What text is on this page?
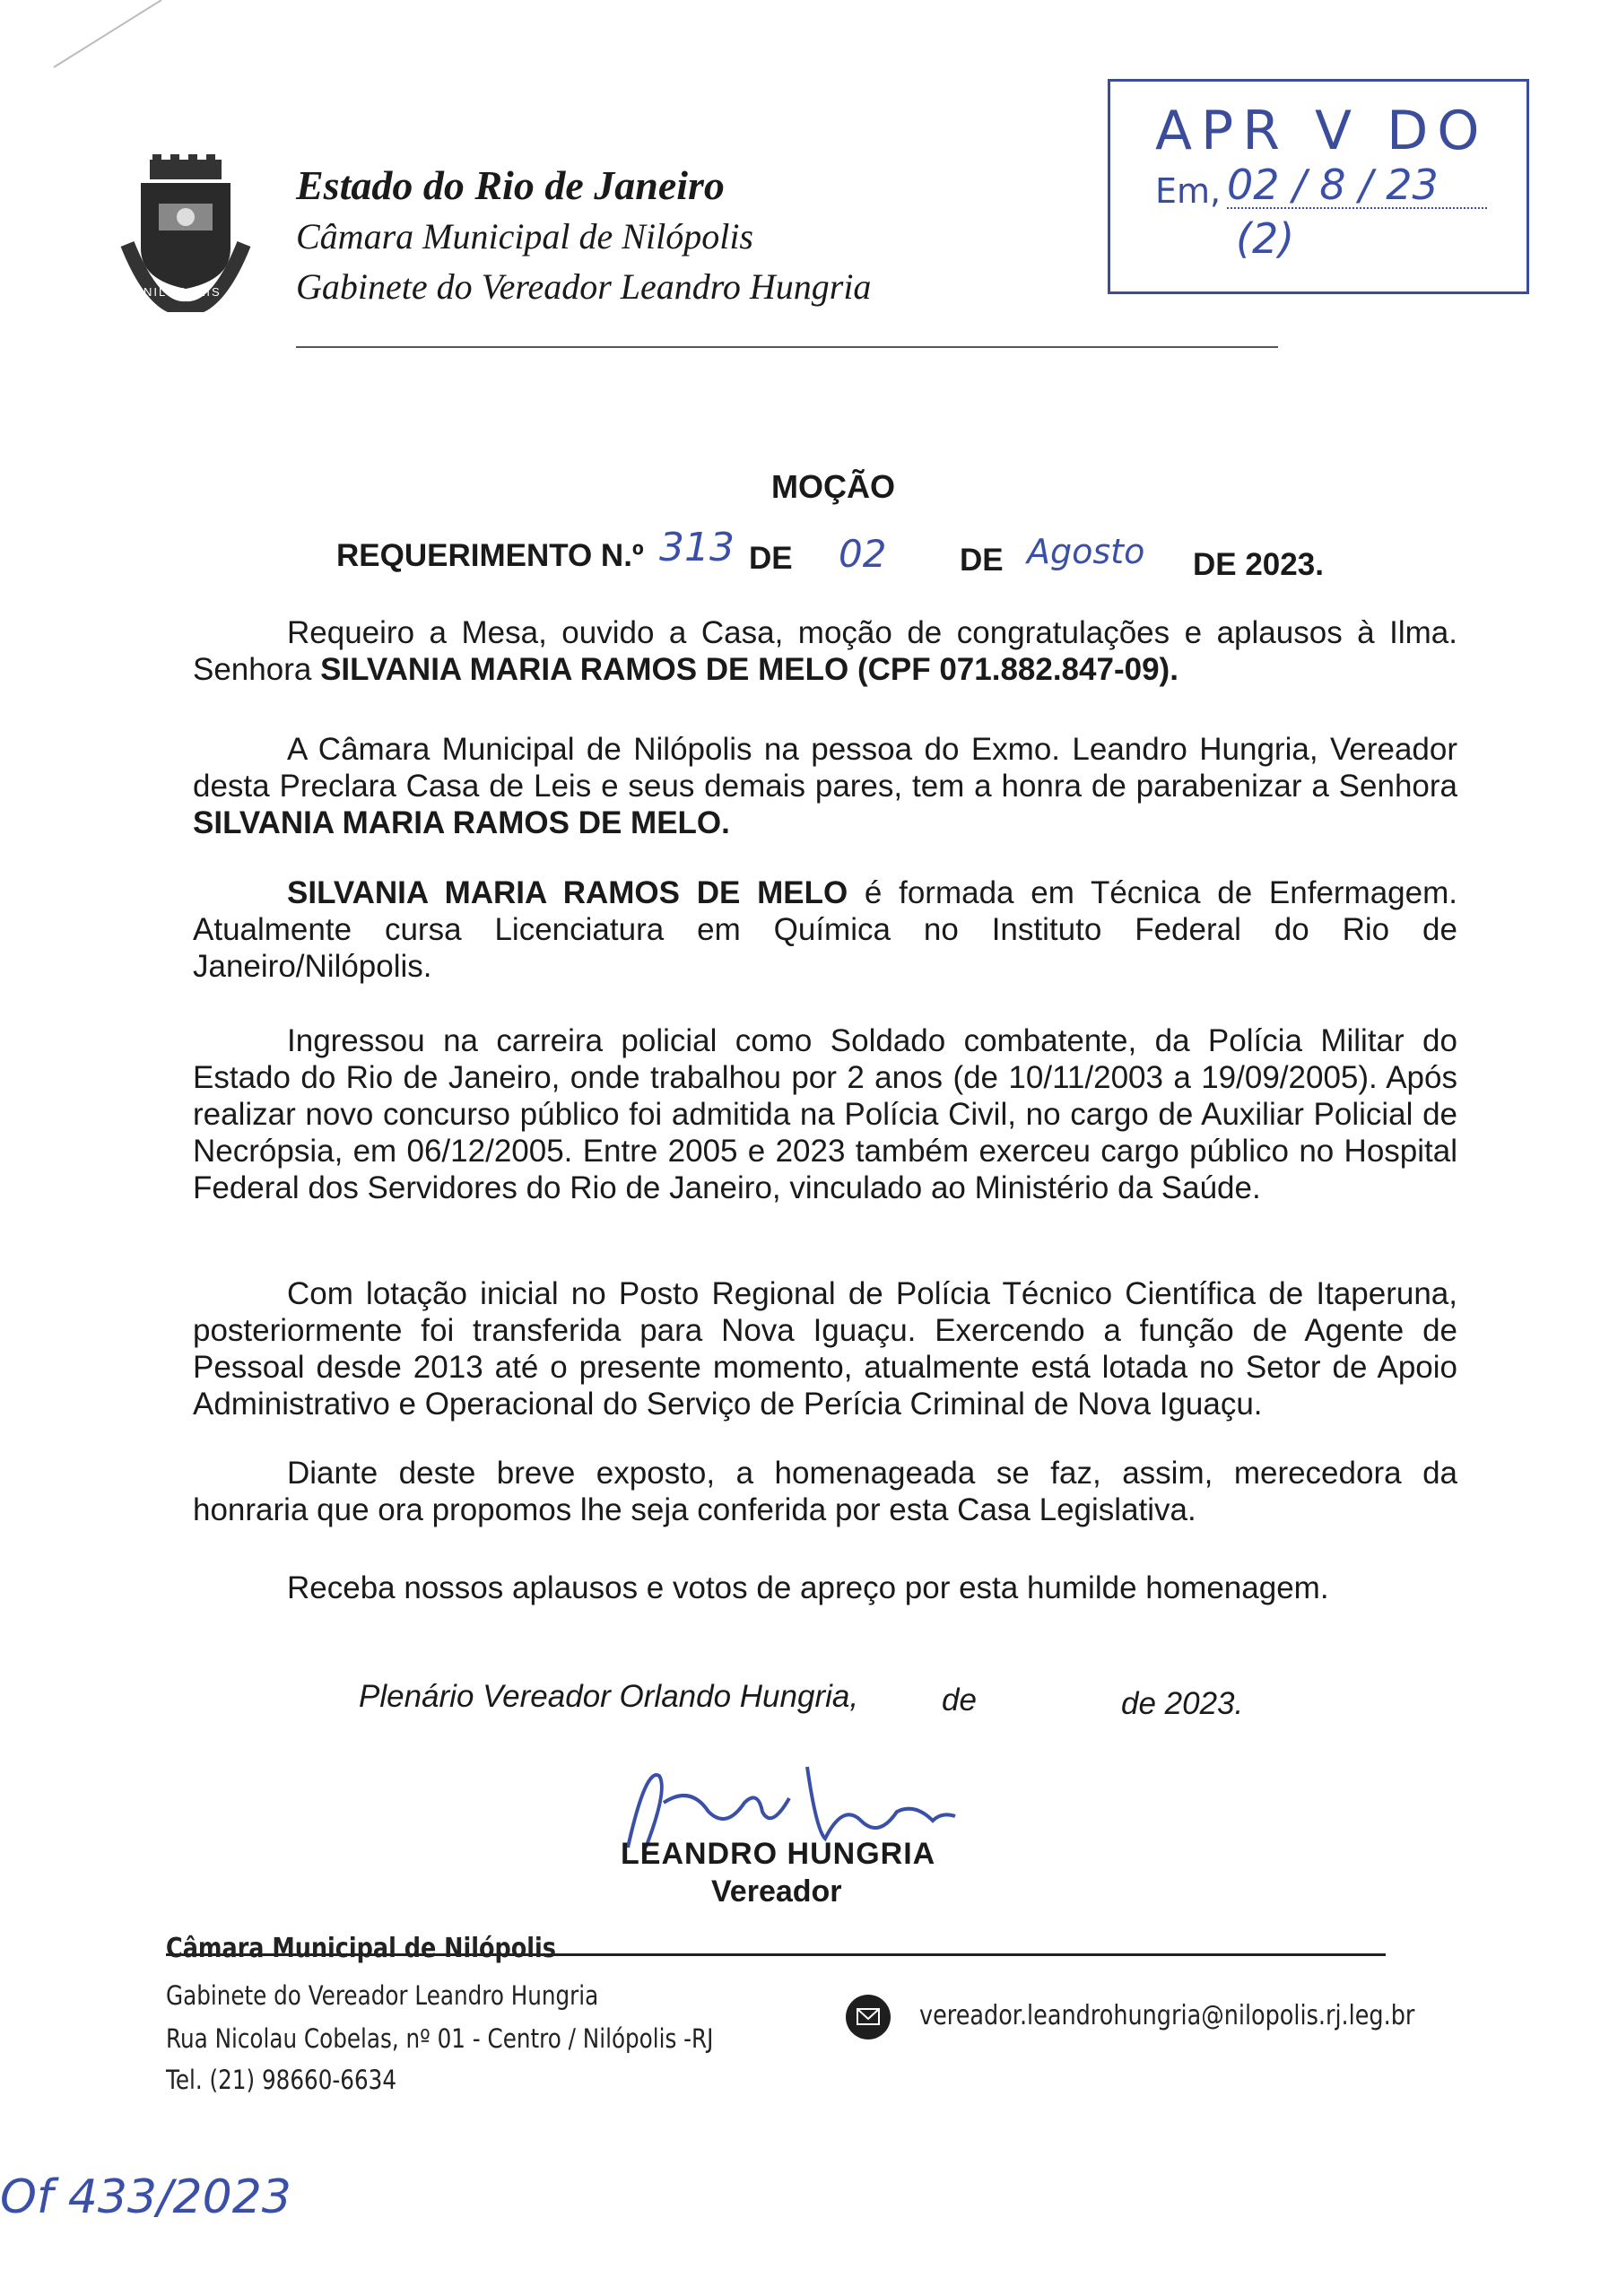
NILÓPOLIS
Estado do Rio de Janeiro
Câmara Municipal de Nilópolis
Gabinete do Vereador Leandro Hungria
APR V DO
Em, 02 / 8 / 23
(2)
MOÇÃO
REQUERIMENTO N.º 313 DE 02 DE Agosto DE 2023.
Requeiro a Mesa, ouvido a Casa, moção de congratulações e aplausos à Ilma. Senhora SILVANIA MARIA RAMOS DE MELO (CPF 071.882.847-09).
A Câmara Municipal de Nilópolis na pessoa do Exmo. Leandro Hungria, Vereador desta Preclara Casa de Leis e seus demais pares, tem a honra de parabenizar a Senhora SILVANIA MARIA RAMOS DE MELO.
SILVANIA MARIA RAMOS DE MELO é formada em Técnica de Enfermagem. Atualmente cursa Licenciatura em Química no Instituto Federal do Rio de Janeiro/Nilópolis.
Ingressou na carreira policial como Soldado combatente, da Polícia Militar do Estado do Rio de Janeiro, onde trabalhou por 2 anos (de 10/11/2003 a 19/09/2005). Após realizar novo concurso público foi admitida na Polícia Civil, no cargo de Auxiliar Policial de Necrópsia, em 06/12/2005. Entre 2005 e 2023 também exerceu cargo público no Hospital Federal dos Servidores do Rio de Janeiro, vinculado ao Ministério da Saúde.
Com lotação inicial no Posto Regional de Polícia Técnico Científica de Itaperuna, posteriormente foi transferida para Nova Iguaçu. Exercendo a função de Agente de Pessoal desde 2013 até o presente momento, atualmente está lotada no Setor de Apoio Administrativo e Operacional do Serviço de Perícia Criminal de Nova Iguaçu.
Diante deste breve exposto, a homenageada se faz, assim, merecedora da honraria que ora propomos lhe seja conferida por esta Casa Legislativa.
Receba nossos aplausos e votos de apreço por esta humilde homenagem.
Plenário Vereador Orlando Hungria,	de	de 2023.
LEANDRO HUNGRIA
Vereador
Câmara Municipal de Nilópolis
Gabinete do Vereador Leandro Hungria
Rua Nicolau Cobelas, nº 01 - Centro / Nilópolis -RJ
Tel. (21) 98660-6634
vereador.leandrohungria@nilopolis.rj.leg.br
Of 433/2023
